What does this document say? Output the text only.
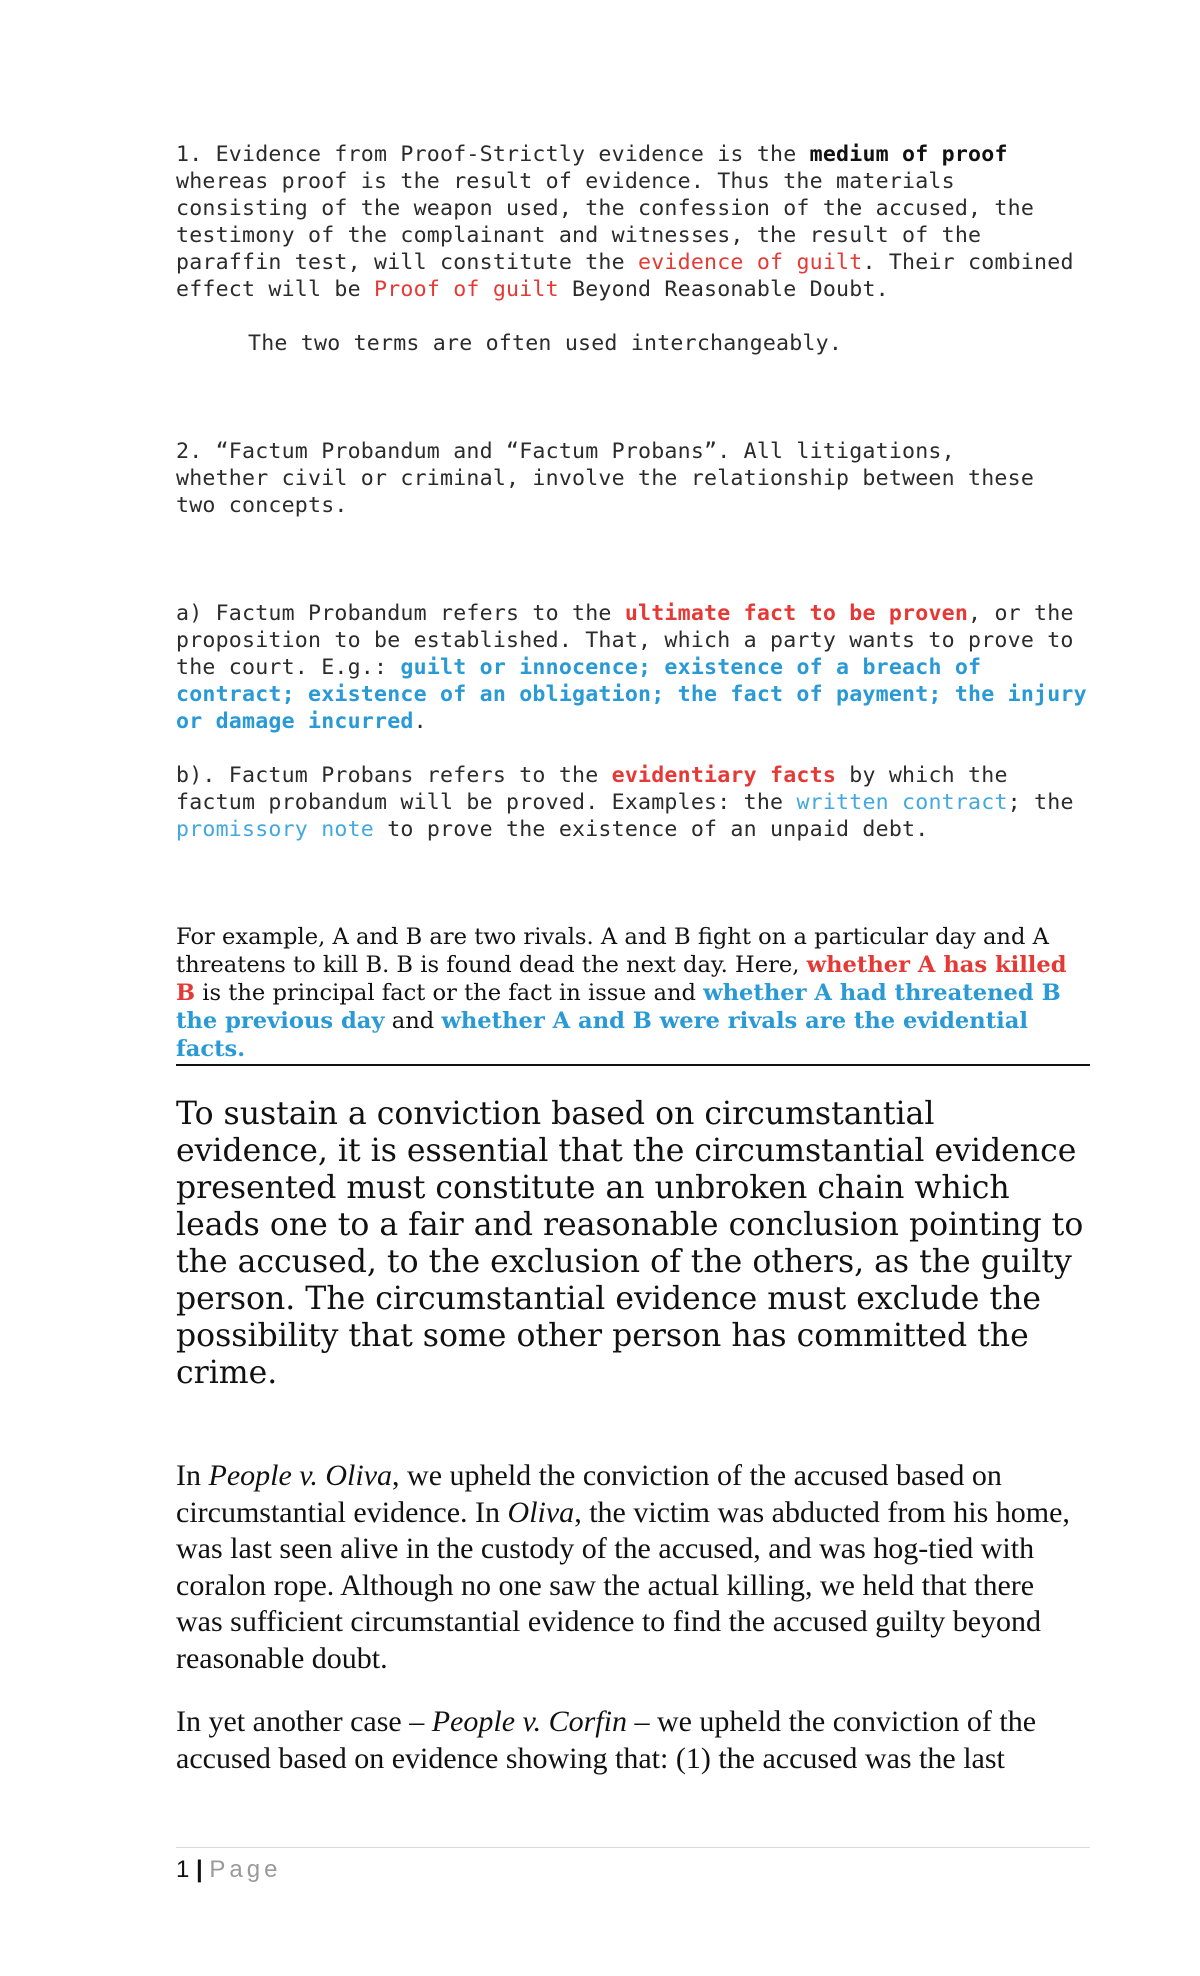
1. Evidence from Proof-Strictly evidence is the medium of proof whereas proof is the result of evidence. Thus the materials consisting of the weapon used, the confession of the accused, the testimony of the complainant and witnesses, the result of the paraffin test, will constitute the evidence of guilt. Their combined effect will be Proof of guilt Beyond Reasonable Doubt.

The two terms are often used interchangeably.

2. “Factum Probandum and “Factum Probans”. All litigations, whether civil or criminal, involve the relationship between these two concepts.

a) Factum Probandum refers to the ultimate fact to be proven, or the proposition to be established. That, which a party wants to prove to the court. E.g.: guilt or innocence; existence of a breach of contract; existence of an obligation; the fact of payment; the injury or damage incurred.

b). Factum Probans refers to the evidentiary facts by which the factum probandum will be proved. Examples: the written contract; the promissory note to prove the existence of an unpaid debt.

For example, A and B are two rivals. A and B fight on a particular day and A threatens to kill B. B is found dead the next day. Here, whether A has killed B is the principal fact or the fact in issue and whether A had threatened B the previous day and whether A and B were rivals are the evidential facts.

To sustain a conviction based on circumstantial evidence, it is essential that the circumstantial evidence presented must constitute an unbroken chain which leads one to a fair and reasonable conclusion pointing to the accused, to the exclusion of the others, as the guilty person. The circumstantial evidence must exclude the possibility that some other person has committed the crime.

In People v. Oliva, we upheld the conviction of the accused based on circumstantial evidence. In Oliva, the victim was abducted from his home, was last seen alive in the custody of the accused, and was hog-tied with coralon rope. Although no one saw the actual killing, we held that there was sufficient circumstantial evidence to find the accused guilty beyond reasonable doubt.

In yet another case – People v. Corfin – we upheld the conviction of the accused based on evidence showing that: (1) the accused was the last

1 | Page
